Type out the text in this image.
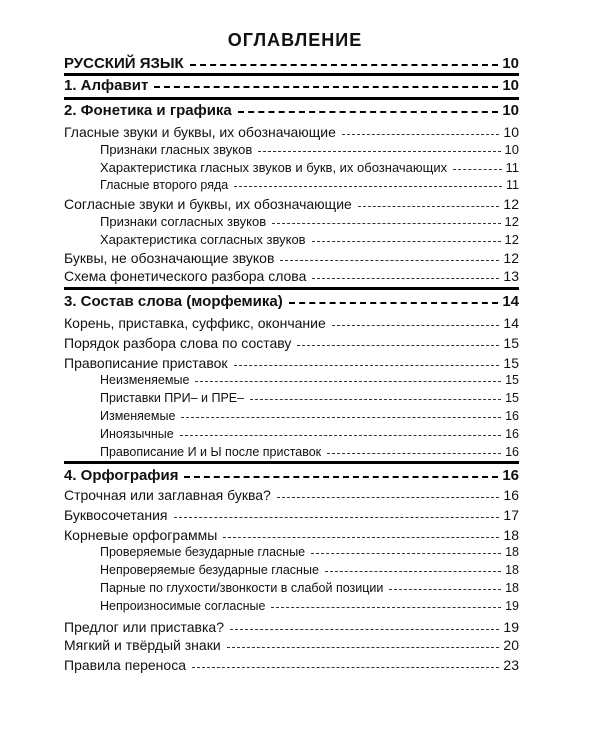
ОГЛАВЛЕНИЕ
РУССКИЙ ЯЗЫК	10
1. Алфавит	10
2. Фонетика и графика	10
Гласные звуки и буквы, их обозначающие	10
Признаки гласных звуков	10
Характеристика гласных звуков и букв, их обозначающих	11
Гласные второго ряда	11
Согласные звуки и буквы, их обозначающие	12
Признаки согласных звуков	12
Характеристика согласных звуков	12
Буквы, не обозначающие звуков	12
Схема фонетического разбора слова	13
3. Состав слова (морфемика)	14
Корень, приставка, суффикс, окончание	14
Порядок разбора слова по составу	15
Правописание приставок	15
Неизменяемые	15
Приставки ПРИ– и ПРЕ–	15
Изменяемые	16
Иноязычные	16
Правописание И и Ы после приставок	16
4. Орфография	16
Строчная или заглавная буква?	16
Буквосочетания	17
Корневые орфограммы	18
Проверяемые безударные гласные	18
Непроверяемые безударные гласные	18
Парные по глухости/звонкости в слабой позиции	18
Непроизносимые согласные	19
Предлог или приставка?	19
Мягкий и твёрдый знаки	20
Правила переноса	23
